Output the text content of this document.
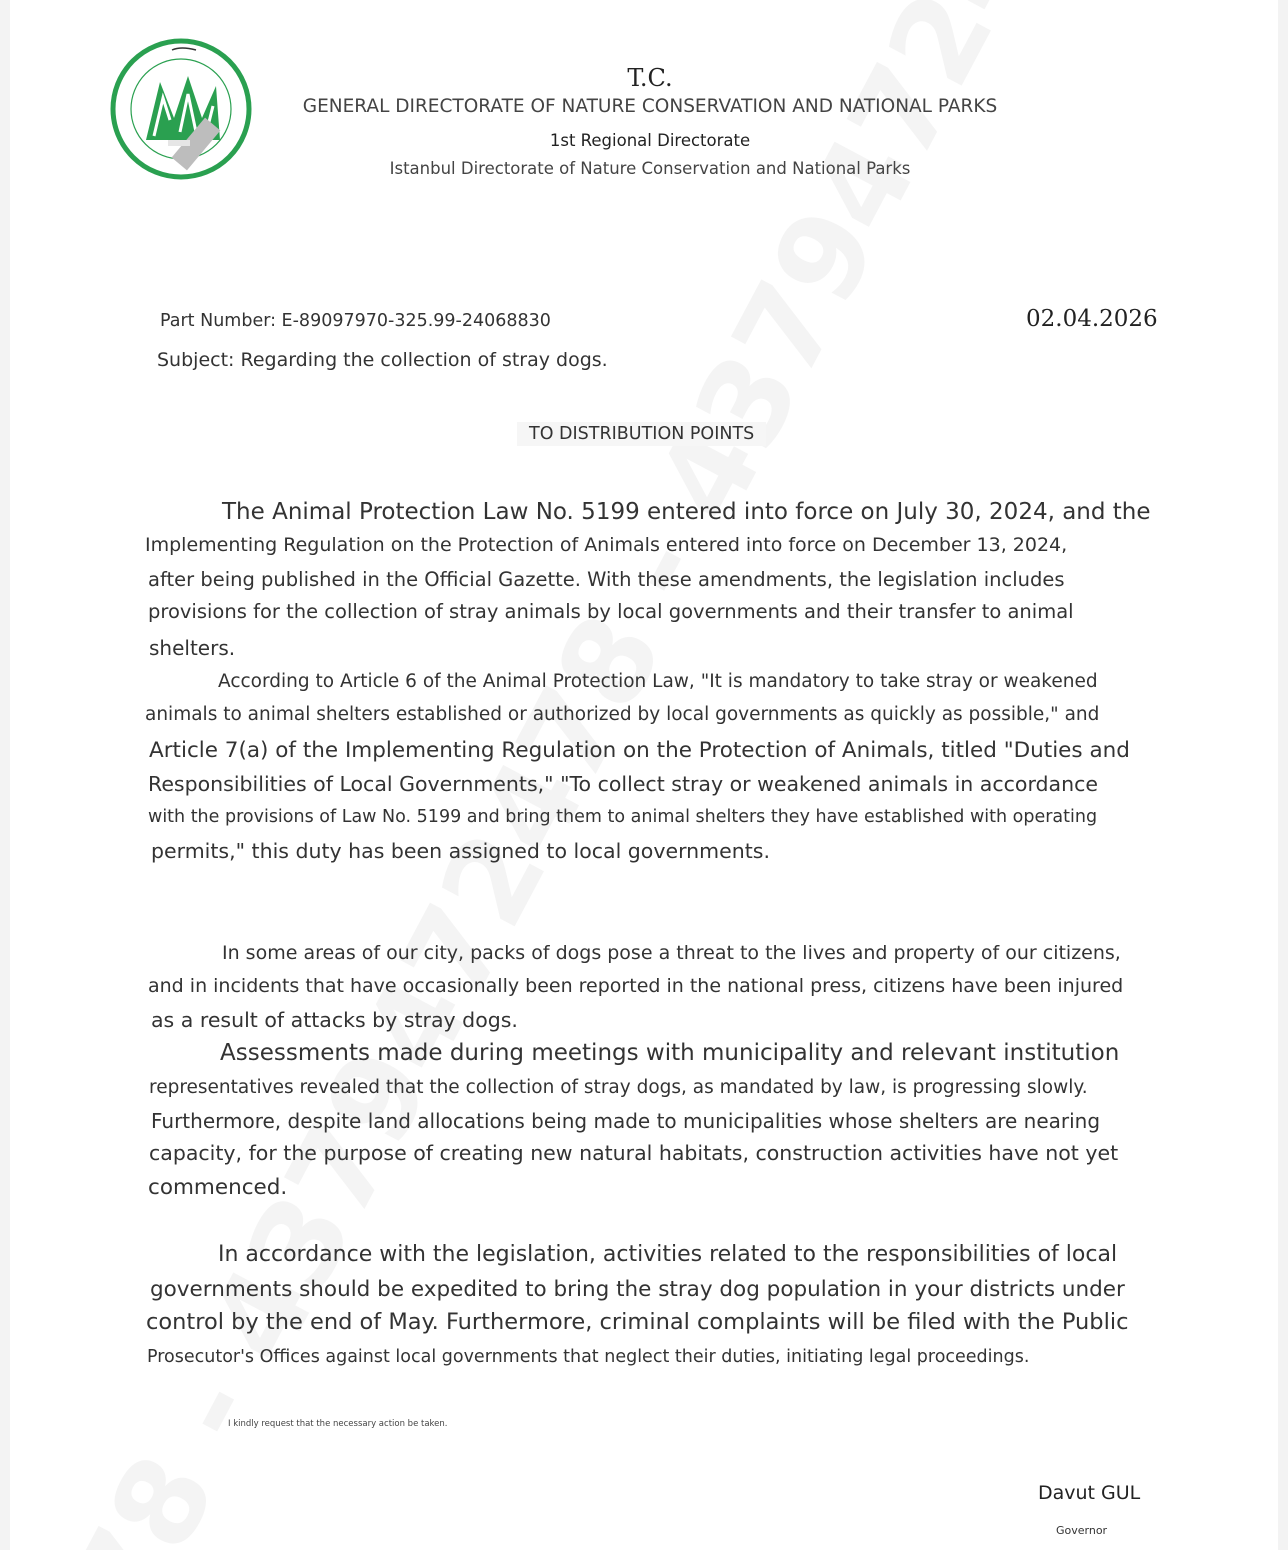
T.C.
GENERAL DIRECTORATE OF NATURE CONSERVATION AND NATIONAL PARKS
1st Regional Directorate
Istanbul Directorate of Nature Conservation and National Parks
Part Number: E-89097970-325.99-24068830	02.04.2026
Subject: Regarding the collection of stray dogs.
TO DISTRIBUTION POINTS
The Animal Protection Law No. 5199 entered into force on July 30, 2024, and the
Implementing Regulation on the Protection of Animals entered into force on December 13, 2024,
after being published in the Official Gazette. With these amendments, the legislation includes
provisions for the collection of stray animals by local governments and their transfer to animal
shelters.
According to Article 6 of the Animal Protection Law, "It is mandatory to take stray or weakened
animals to animal shelters established or authorized by local governments as quickly as possible," and
Article 7(a) of the Implementing Regulation on the Protection of Animals, titled "Duties and
Responsibilities of Local Governments," "To collect stray or weakened animals in accordance
with the provisions of Law No. 5199 and bring them to animal shelters they have established with operating
permits," this duty has been assigned to local governments.
In some areas of our city, packs of dogs pose a threat to the lives and property of our citizens,
and in incidents that have occasionally been reported in the national press, citizens have been injured
as a result of attacks by stray dogs.
Assessments made during meetings with municipality and relevant institution
representatives revealed that the collection of stray dogs, as mandated by law, is progressing slowly.
Furthermore, despite land allocations being made to municipalities whose shelters are nearing
capacity, for the purpose of creating new natural habitats, construction activities have not yet
commenced.
In accordance with the legislation, activities related to the responsibilities of local
governments should be expedited to bring the stray dog population in your districts under
control by the end of May. Furthermore, criminal complaints will be filed with the Public
Prosecutor's Offices against local governments that neglect their duties, initiating legal proceedings.
I kindly request that the necessary action be taken.
Davut GUL
Governor
